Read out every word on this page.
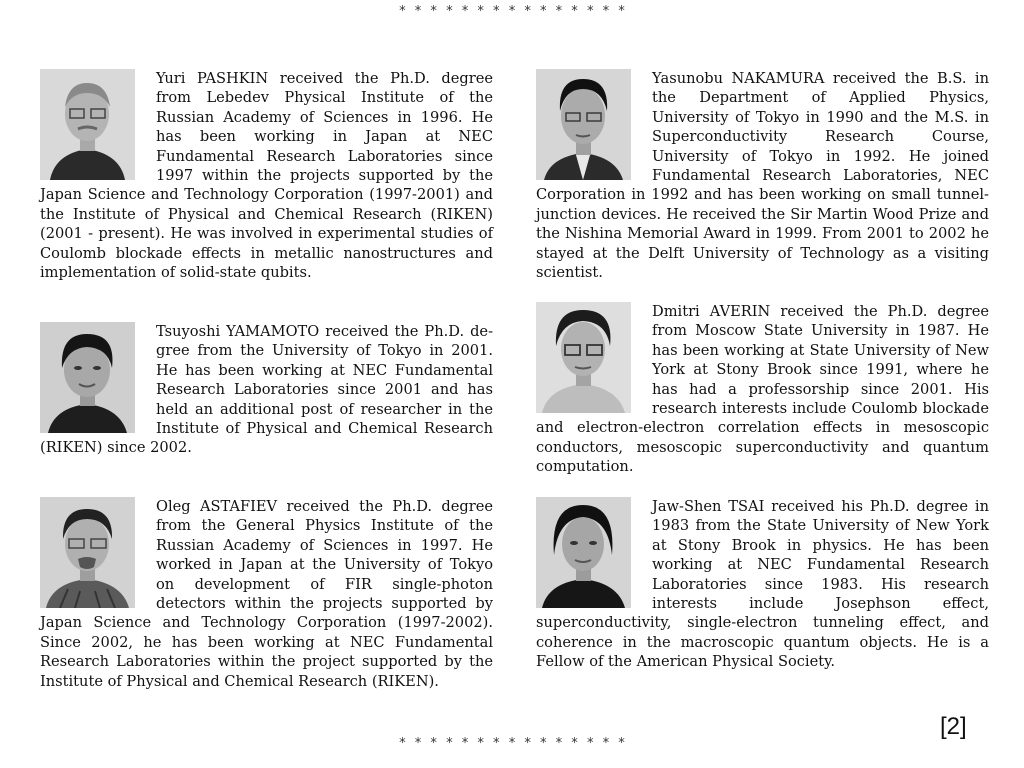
* * * * * * * * * * * * * * *
Yuri PASHKIN received the Ph.D. degree from Lebedev Physical Institute of the Russian Academy of Sciences in 1996. He has been working in Japan at NEC Fundamental Research Laboratories since 1997 within the projects supported by the Japan Science and Technology Corporation (1997-2001) and the Institute of Physical and Chemical Research (RIKEN) (2001 - present). He was involved in experimental studies of Coulomb blockade effects in metallic nanostructures and implementation of solid-state qubits.
Tsuyoshi YAMAMOTO received the Ph.D. degree from the University of Tokyo in 2001. He has been working at NEC Fundamental Research Laboratories since 2001 and has held an additional post of researcher in the Institute of Physical and Chemical Research (RIKEN) since 2002.
Oleg ASTAFIEV received the Ph.D. degree from the General Physics Institute of the Russian Academy of Sciences in 1997. He worked in Japan at the University of Tokyo on development of FIR single-photon detectors within the projects supported by Japan Science and Technology Corporation (1997-2002). Since 2002, he has been working at NEC Fundamental Research Laboratories within the project supported by the Institute of Physical and Chemical Research (RIKEN).
Yasunobu NAKAMURA received the B.S. in the Department of Applied Physics, University of Tokyo in 1990 and the M.S. in Superconductivity Research Course, University of Tokyo in 1992. He joined Fundamental Research Laboratories, NEC Corporation in 1992 and has been working on small tunnel-junction devices. He received the Sir Martin Wood Prize and the Nishina Memorial Award in 1999. From 2001 to 2002 he stayed at the Delft University of Technology as a visiting scientist.
Dmitri AVERIN received the Ph.D. degree from Moscow State University in 1987. He has been working at State University of New York at Stony Brook since 1991, where he has had a professorship since 2001. His research interests include Coulomb blockade and electron-electron correlation effects in mesoscopic conductors, mesoscopic superconductivity and quantum computation.
Jaw-Shen TSAI received his Ph.D. degree in 1983 from the State University of New York at Stony Brook in physics. He has been working at NEC Fundamental Research Laboratories since 1983. His research interests include Josephson effect, superconductivity, single-electron tunneling effect, and coherence in the macroscopic quantum objects. He is a Fellow of the American Physical Society.
[2]
* * * * * * * * * * * * * * *
